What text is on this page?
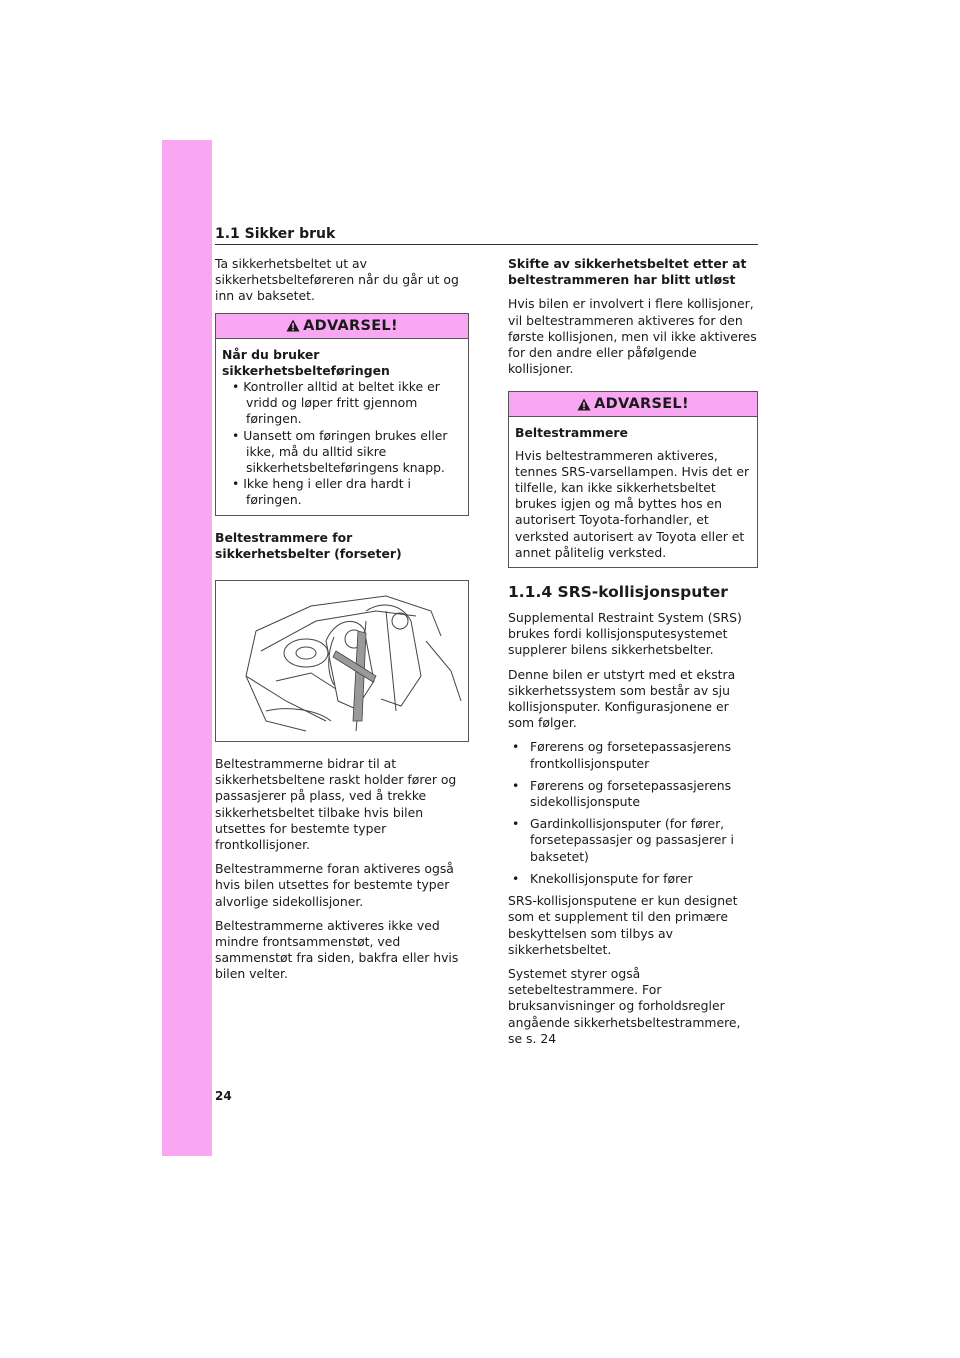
1.1 Sikker bruk

Ta sikkerhetsbeltet ut av sikkerhetsbelteføreren når du går ut og inn av baksetet.

ADVARSEL!
Når du bruker sikkerhetsbelteføringen
• Kontroller alltid at beltet ikke er vridd og løper fritt gjennom føringen.
• Uansett om føringen brukes eller ikke, må du alltid sikre sikkerhetsbelteføringens knapp.
• Ikke heng i eller dra hardt i føringen.
Beltestrammere for sikkerhetsbelter (forseter)

Beltestrammerne bidrar til at sikkerhetsbeltene raskt holder fører og passasjerer på plass, ved å trekke sikkerhetsbeltet tilbake hvis bilen utsettes for bestemte typer frontkollisjoner.

Beltestrammerne foran aktiveres også hvis bilen utsettes for bestemte typer alvorlige sidekollisjoner.

Beltestrammerne aktiveres ikke ved mindre frontsammenstøt, ved sammenstøt fra siden, bakfra eller hvis bilen velter.

Skifte av sikkerhetsbeltet etter at beltestrammeren har blitt utløst

Hvis bilen er involvert i flere kollisjoner, vil beltestrammeren aktiveres for den første kollisjonen, men vil ikke aktiveres for den andre eller påfølgende kollisjoner.

ADVARSEL!
Beltestrammere
Hvis beltestrammeren aktiveres, tennes SRS-varsellampen. Hvis det er tilfelle, kan ikke sikkerhetsbeltet brukes igjen og må byttes hos en autorisert Toyota-forhandler, et verksted autorisert av Toyota eller et annet pålitelig verksted.
1.1.4 SRS-kollisjonsputer

Supplemental Restraint System (SRS) brukes fordi kollisjonsputesystemet supplerer bilens sikkerhetsbelter.

Denne bilen er utstyrt med et ekstra sikkerhetssystem som består av sju kollisjonsputer. Konfigurasjonene er som følger.

• Førerens og forsetepassasjerens frontkollisjonsputer
• Førerens og forsetepassasjerens sidekollisjonspute
• Gardinkollisjonsputer (for fører, forsetepassasjer og passasjerer i baksetet)
• Knekollisjonspute for fører

SRS-kollisjonsputene er kun designet som et supplement til den primære beskyttelsen som tilbys av sikkerhetsbeltet.

Systemet styrer også setebeltestrammere. For bruksanvisninger og forholdsregler angående sikkerhetsbeltestrammere, se s. 24

24
